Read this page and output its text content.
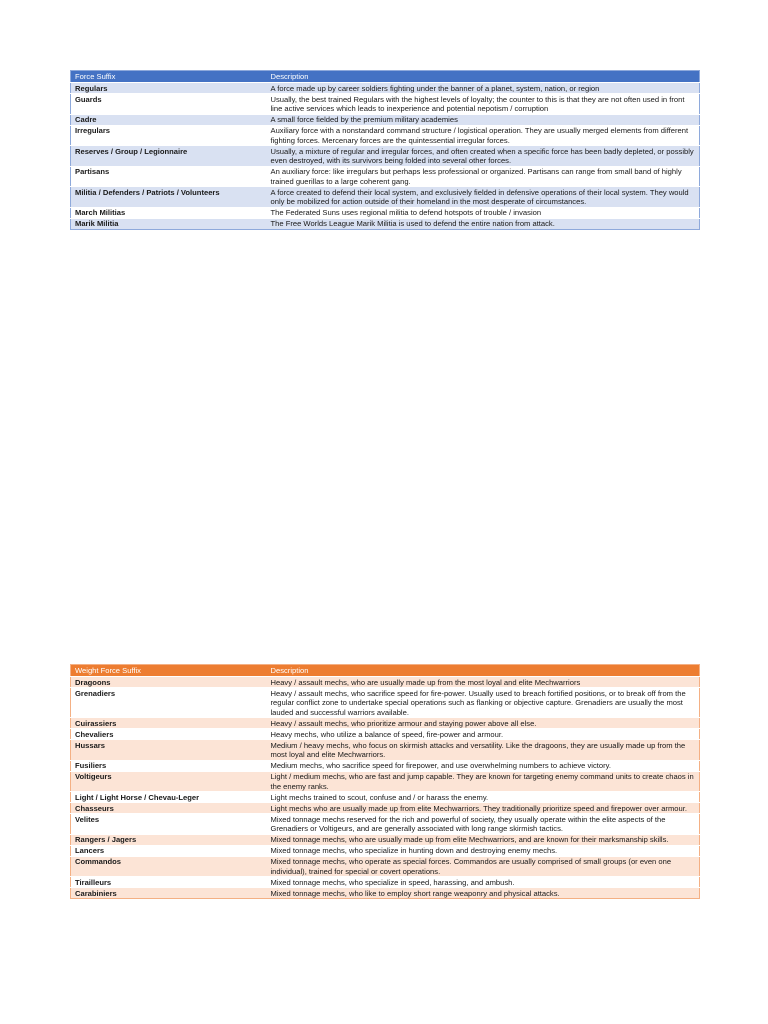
Force Suffix	Description
Regulars	A force made up by career soldiers fighting under the banner of a planet, system, nation, or region
Guards	Usually, the best trained Regulars with the highest levels of loyalty; the counter to this is that they are not often used in front line active services which leads to inexperience and potential nepotism / corruption
Cadre	A small force fielded by the premium military academies
Irregulars	Auxiliary force with a nonstandard command structure / logistical operation. They are usually merged elements from different fighting forces. Mercenary forces are the quintessential irregular forces.
Reserves / Group / Legionnaire	Usually, a mixture of regular and irregular forces, and often created when a specific force has been badly depleted, or possibly even destroyed, with its survivors being folded into several other forces.
Partisans	An auxiliary force: like irregulars but perhaps less professional or organized. Partisans can range from small band of highly trained guerillas to a large coherent gang.
Militia / Defenders / Patriots / Volunteers	A force created to defend their local system, and exclusively fielded in defensive operations of their local system. They would only be mobilized for action outside of their homeland in the most desperate of circumstances.
March Militias	The Federated Suns uses regional militia to defend hotspots of trouble / invasion
Marik Militia	The Free Worlds League Marik Militia is used to defend the entire nation from attack.
Weight Force Suffix	Description
Dragoons	Heavy / assault mechs, who are usually made up from the most loyal and elite Mechwarriors
Grenadiers	Heavy / assault mechs, who sacrifice speed for fire-power. Usually used to breach fortified positions, or to break off from the regular conflict zone to undertake special operations such as flanking or objective capture. Grenadiers are usually the most lauded and successful warriors available.
Cuirassiers	Heavy / assault mechs, who prioritize armour and staying power above all else.
Chevaliers	Heavy mechs, who utilize a balance of speed, fire-power and armour.
Hussars	Medium / heavy mechs, who focus on skirmish attacks and versatility. Like the dragoons, they are usually made up from the most loyal and elite Mechwarriors.
Fusiliers	Medium mechs, who sacrifice speed for firepower, and use overwhelming numbers to achieve victory.
Voltigeurs	Light / medium mechs, who are fast and jump capable. They are known for targeting enemy command units to create chaos in the enemy ranks.
Light / Light Horse / Chevau-Leger	Light mechs trained to scout, confuse and / or harass the enemy.
Chasseurs	Light mechs who are usually made up from elite Mechwarriors. They traditionally prioritize speed and firepower over armour.
Velites	Mixed tonnage mechs reserved for the rich and powerful of society, they usually operate within the elite aspects of the Grenadiers or Voltigeurs, and are generally associated with long range skirmish tactics.
Rangers / Jagers	Mixed tonnage mechs, who are usually made up from elite Mechwarriors, and are known for their marksmanship skills.
Lancers	Mixed tonnage mechs, who specialize in hunting down and destroying enemy mechs.
Commandos	Mixed tonnage mechs, who operate as special forces. Commandos are usually comprised of small groups (or even one individual), trained for special or covert operations.
Tirailleurs	Mixed tonnage mechs, who specialize in speed, harassing, and ambush.
Carabiniers	Mixed tonnage mechs, who like to employ short range weaponry and physical attacks.
